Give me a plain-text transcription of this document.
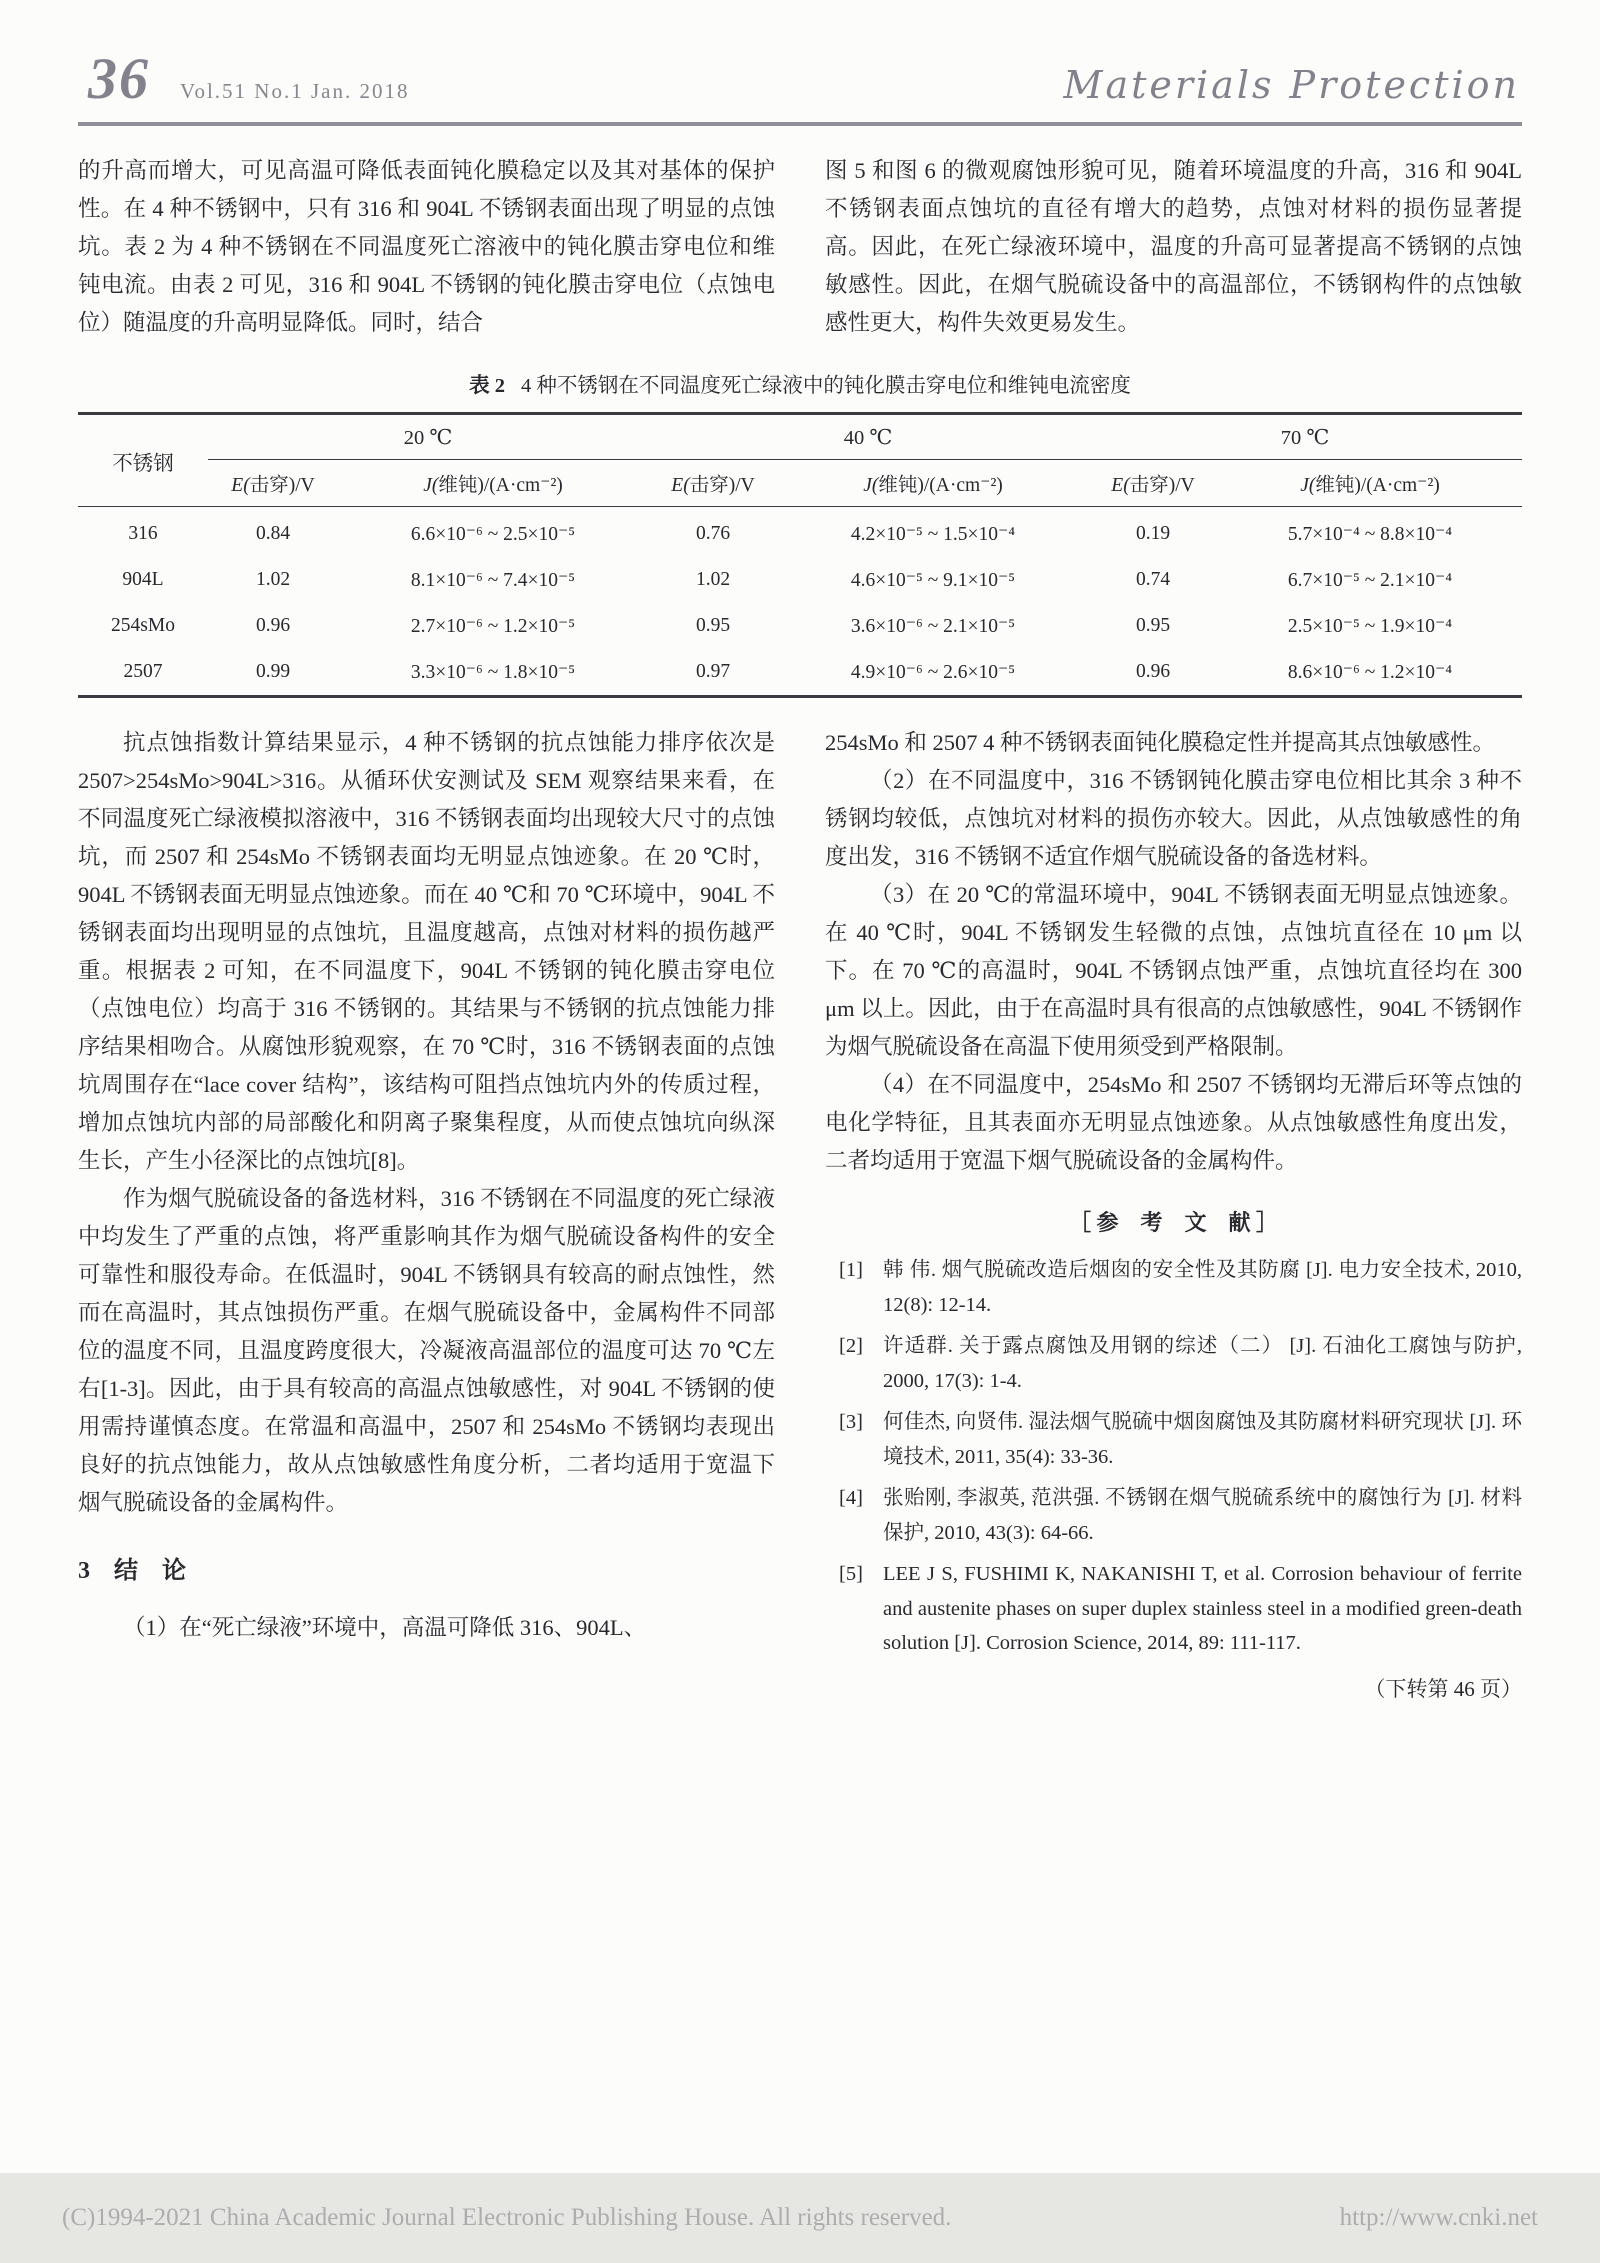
36 Vol.51 No.1 Jan. 2018	Materials Protection

的升高而增大，可见高温可降低表面钝化膜稳定以及其对基体的保护性。在 4 种不锈钢中，只有 316 和 904L 不锈钢表面出现了明显的点蚀坑。表 2 为 4 种不锈钢在不同温度死亡溶液中的钝化膜击穿电位和维钝电流。由表 2 可见，316 和 904L 不锈钢的钝化膜击穿电位（点蚀电位）随温度的升高明显降低。同时，结合

图 5 和图 6 的微观腐蚀形貌可见，随着环境温度的升高，316 和 904L 不锈钢表面点蚀坑的直径有增大的趋势，点蚀对材料的损伤显著提高。因此，在死亡绿液环境中，温度的升高可显著提高不锈钢的点蚀敏感性。因此，在烟气脱硫设备中的高温部位，不锈钢构件的点蚀敏感性更大，构件失效更易发生。

表 2 4 种不锈钢在不同温度死亡绿液中的钝化膜击穿电位和维钝电流密度
不锈钢	20 ℃		40 ℃		70 ℃	
	E(击穿)/V	J(维钝)/(A·cm⁻²)	E(击穿)/V	J(维钝)/(A·cm⁻²)	E(击穿)/V	J(维钝)/(A·cm⁻²)
316	0.84	6.6×10⁻⁶ ~ 2.5×10⁻⁵	0.76	4.2×10⁻⁵ ~ 1.5×10⁻⁴	0.19	5.7×10⁻⁴ ~ 8.8×10⁻⁴
904L	1.02	8.1×10⁻⁶ ~ 7.4×10⁻⁵	1.02	4.6×10⁻⁵ ~ 9.1×10⁻⁵	0.74	6.7×10⁻⁵ ~ 2.1×10⁻⁴
254sMo	0.96	2.7×10⁻⁶ ~ 1.2×10⁻⁵	0.95	3.6×10⁻⁶ ~ 2.1×10⁻⁵	0.95	2.5×10⁻⁵ ~ 1.9×10⁻⁴
2507	0.99	3.3×10⁻⁶ ~ 1.8×10⁻⁵	0.97	4.9×10⁻⁶ ~ 2.6×10⁻⁵	0.96	8.6×10⁻⁶ ~ 1.2×10⁻⁴

抗点蚀指数计算结果显示，4 种不锈钢的抗点蚀能力排序依次是 2507>254sMo>904L>316。从循环伏安测试及 SEM 观察结果来看，在不同温度死亡绿液模拟溶液中，316 不锈钢表面均出现较大尺寸的点蚀坑，而 2507 和 254sMo 不锈钢表面均无明显点蚀迹象。在 20 ℃时，904L 不锈钢表面无明显点蚀迹象。而在 40 ℃和 70 ℃环境中，904L 不锈钢表面均出现明显的点蚀坑，且温度越高，点蚀对材料的损伤越严重。根据表 2 可知，在不同温度下，904L 不锈钢的钝化膜击穿电位（点蚀电位）均高于 316 不锈钢的。其结果与不锈钢的抗点蚀能力排序结果相吻合。从腐蚀形貌观察，在 70 ℃时，316 不锈钢表面的点蚀坑周围存在“lace cover 结构”，该结构可阻挡点蚀坑内外的传质过程，增加点蚀坑内部的局部酸化和阴离子聚集程度，从而使点蚀坑向纵深生长，产生小径深比的点蚀坑[8]。

作为烟气脱硫设备的备选材料，316 不锈钢在不同温度的死亡绿液中均发生了严重的点蚀，将严重影响其作为烟气脱硫设备构件的安全可靠性和服役寿命。在低温时，904L 不锈钢具有较高的耐点蚀性，然而在高温时，其点蚀损伤严重。在烟气脱硫设备中，金属构件不同部位的温度不同，且温度跨度很大，冷凝液高温部位的温度可达 70 ℃左右[1-3]。因此，由于具有较高的高温点蚀敏感性，对 904L 不锈钢的使用需持谨慎态度。在常温和高温中，2507 和 254sMo 不锈钢均表现出良好的抗点蚀能力，故从点蚀敏感性角度分析，二者均适用于宽温下烟气脱硫设备的金属构件。

3　结　论

（1）在“死亡绿液”环境中，高温可降低 316、904L、

254sMo 和 2507 4 种不锈钢表面钝化膜稳定性并提高其点蚀敏感性。

（2）在不同温度中，316 不锈钢钝化膜击穿电位相比其余 3 种不锈钢均较低，点蚀坑对材料的损伤亦较大。因此，从点蚀敏感性的角度出发，316 不锈钢不适宜作烟气脱硫设备的备选材料。

（3）在 20 ℃的常温环境中，904L 不锈钢表面无明显点蚀迹象。在 40 ℃时，904L 不锈钢发生轻微的点蚀，点蚀坑直径在 10 μm 以下。在 70 ℃的高温时，904L 不锈钢点蚀严重，点蚀坑直径均在 300 μm 以上。因此，由于在高温时具有很高的点蚀敏感性，904L 不锈钢作为烟气脱硫设备在高温下使用须受到严格限制。

（4）在不同温度中，254sMo 和 2507 不锈钢均无滞后环等点蚀的电化学特征，且其表面亦无明显点蚀迹象。从点蚀敏感性角度出发，二者均适用于宽温下烟气脱硫设备的金属构件。

［ 参　考　文　献 ］
[1] 韩 伟. 烟气脱硫改造后烟囱的安全性及其防腐 [J]. 电力安全技术, 2010, 12(8): 12-14.
[2] 许适群. 关于露点腐蚀及用钢的综述（二） [J]. 石油化工腐蚀与防护, 2000, 17(3): 1-4.
[3] 何佳杰, 向贤伟. 湿法烟气脱硫中烟囱腐蚀及其防腐材料研究现状 [J]. 环境技术, 2011, 35(4): 33-36.
[4] 张贻刚, 李淑英, 范洪强. 不锈钢在烟气脱硫系统中的腐蚀行为 [J]. 材料保护, 2010, 43(3): 64-66.
[5] LEE J S, FUSHIMI K, NAKANISHI T, et al. Corrosion behaviour of ferrite and austenite phases on super duplex stainless steel in a modified green-death solution [J]. Corrosion Science, 2014, 89: 111-117.
（下转第 46 页）
(C)1994-2021 China Academic Journal Electronic Publishing House. All rights reserved.	http://www.cnki.net
